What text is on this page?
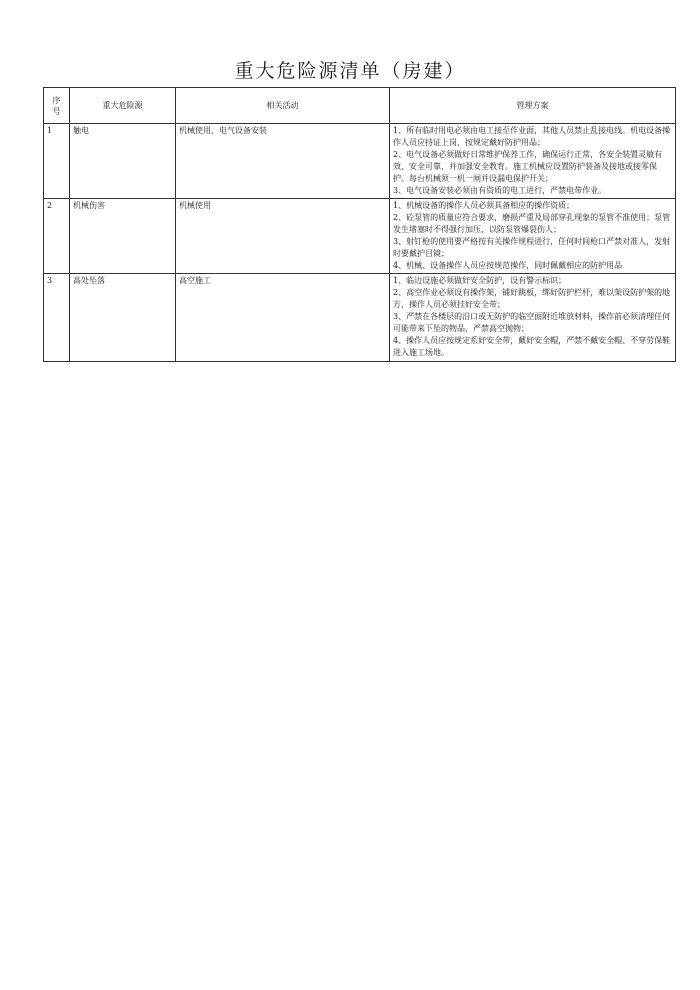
重大危险源清单（房建）
序
号	重大危险源	相关活动	管理方案
1	触电	机械使用，电气设备安装	1、所有临时用电必须由电工接至作业面，其他人员禁止乱接电线。机电设备操作人员应持证上岗，按规定戴好防护用品；
2、电气设备必须做好日常维护保养工作，确保运行正常，各安全装置灵敏有效、安全可靠，并加强安全教育。施工机械应设置防护装备及接地或接零保护。每台机械须一机一闸并设漏电保护开关；
3、电气设备安装必须由有资质的电工进行，严禁电带作业。

2	机械伤害	机械使用	1、机械设备的操作人员必须具备相应的操作资质；
2、砼泵管的质量应符合要求，磨损严重及局部穿孔现象的泵管不准使用；泵管发生堵塞时不得强行加压，以防泵管爆裂伤人；
3、射钉枪的使用要严格按有关操作规程进行，任何时间枪口严禁对准人，发射时要戴护目镜；
4、机械、设备操作人员应按规范操作，同时佩戴相应的防护用品

3	高处坠落	高空施工	1、临边设施必须做好安全防护，设有警示标识；
2、高空作业必须设有操作架，铺好跳板，绑好防护栏杆，难以架设防护架的地方，操作人员必须挂好安全带；
3、严禁在各楼层的沿口或无防护的临空面附近堆放材料，操作前必须清理任何可能带来下坠的物品，严禁高空抛物；
4、操作人员应按规定系好安全带，戴好安全帽，严禁不戴安全帽、不穿劳保鞋进入施工场地。
